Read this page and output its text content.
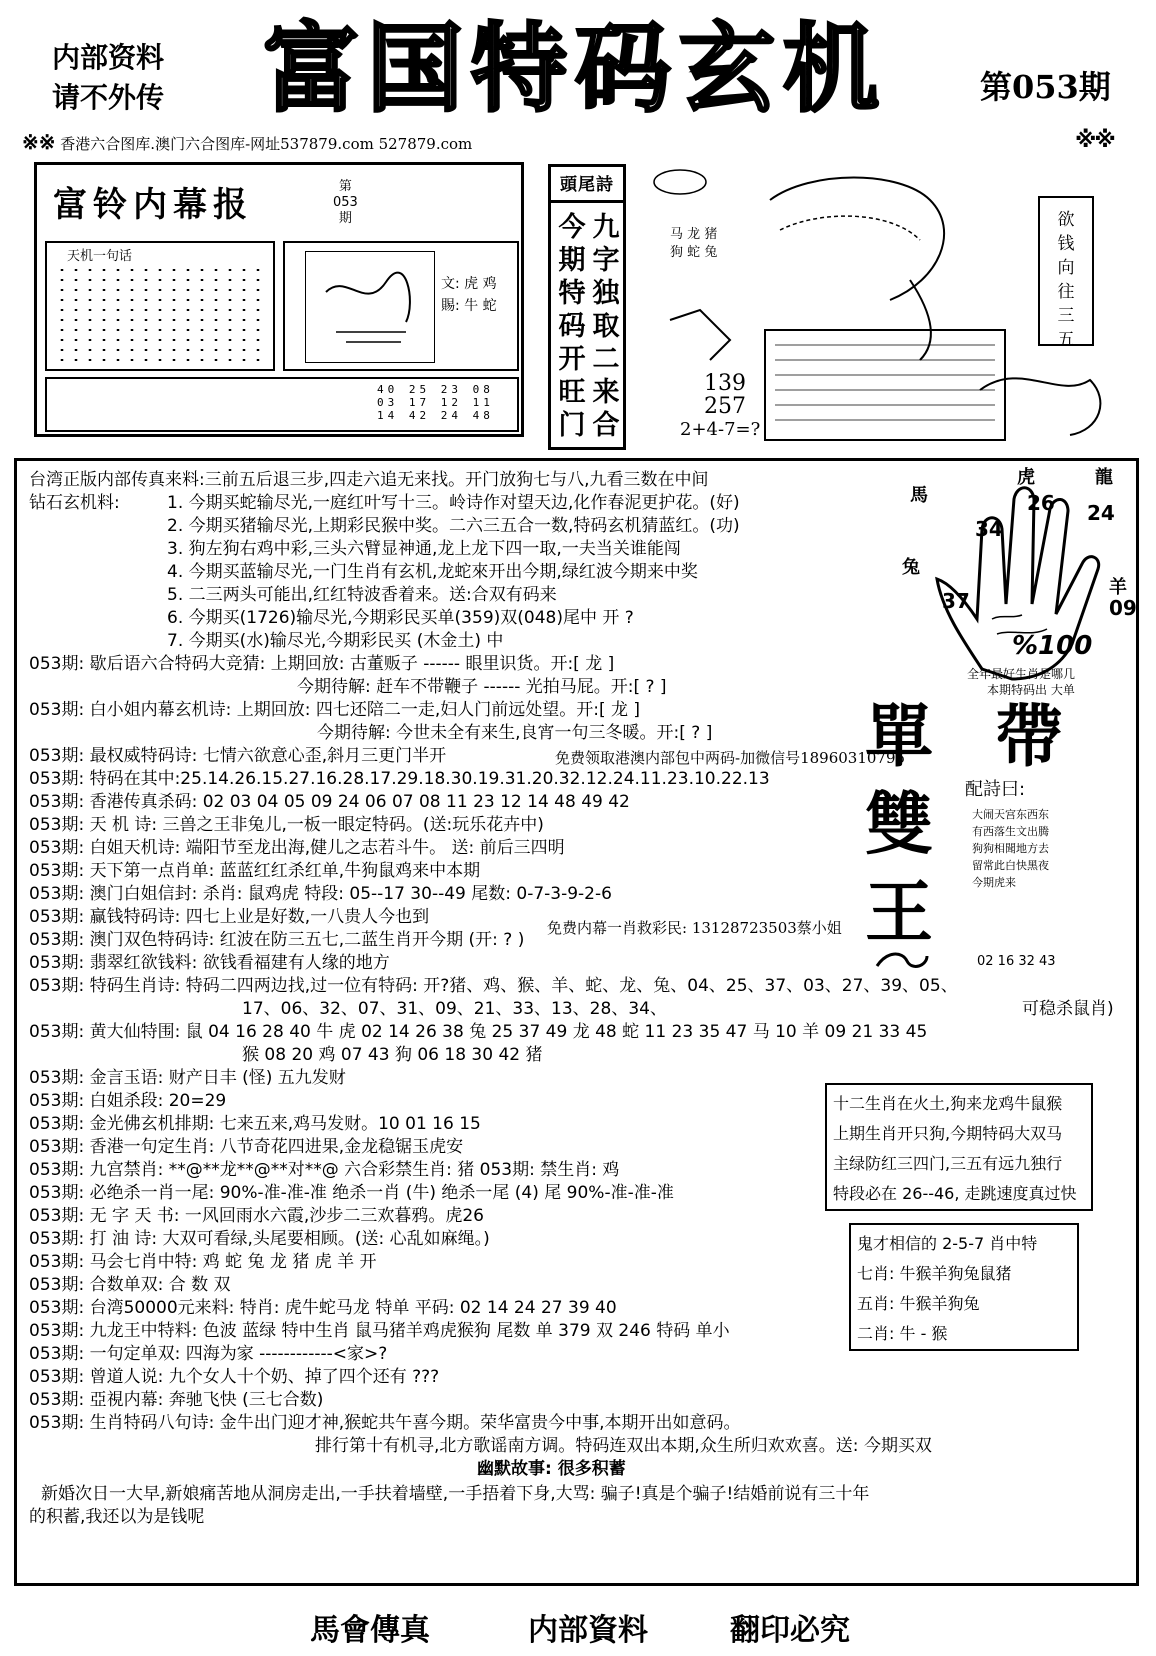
内部资料
请不外传 富国特码玄机	第053期
※※ 香港六合图库.澳门六合图库-网址537879.com 527879.com	※※
富铃内幕报	第
053
期
天机一句话
文: 虎 鸡
賜: 牛 蛇
40 25 23 08
03 17 12 11
14 42 24 48
頭尾詩
九字独取二来合
今期特码开旺门
马 龙 猪
狗 蛇 兔
139
257
2+4-7=?
欲钱向往三五
台湾正版内部传真来料:三前五后退三步,四走六追无来找。开门放狗七与八,九看三数在中间
钻石玄机料:	1. 今期买蛇输尽光,一庭红叶写十三。岭诗作对望天边,化作春泥更护花。(好)
2. 今期买猪输尽光,上期彩民猴中奖。二六三五合一数,特码玄机猜蓝红。(功)
3. 狗左狗右鸡中彩,三头六臂显神通,龙上龙下四一取,一夫当关谁能闯
4. 今期买蓝输尽光,一门生肖有玄机,龙蛇來开出今期,绿红波今期来中奖
5. 二三两头可能出,红红特波香着来。送:合双有码来
6. 今期买(1726)输尽光,今期彩民买单(359)双(048)尾中 开 ?
7. 今期买(水)输尽光,今期彩民买 (木金土) 中
053期: 歇后语六合特码大竞猜: 上期回放: 古董贩子 ------ 眼里识货。开:[ 龙 ]
今期待解: 赶车不带鞭子 ------ 光拍马屁。开:[ ? ]
053期: 白小姐内幕玄机诗: 上期回放: 四七还陪二一走,妇人门前远处望。开:[ 龙 ]
今期待解: 今世未全有来生,良宵一句三冬暖。开:[ ? ]
053期: 最权威特码诗: 七情六欲意心歪,斜月三更门半开	免费领取港澳内部包中两码-加微信号18960310795
053期: 特码在其中:25.14.26.15.27.16.28.17.29.18.30.19.31.20.32.12.24.11.23.10.22.13
053期: 香港传真杀码: 02 03 04 05 09 24 06 07 08 11 23 12 14 48 49 42
053期: 天 机 诗: 三兽之王非兔儿,一板一眼定特码。(送:玩乐花卉中)
053期: 白姐天机诗: 端阳节至龙出海,健儿之志若斗牛。 送: 前后三四明
053期: 天下第一点肖单: 蓝蓝红红杀红单,牛狗鼠鸡来中本期
053期: 澳门白姐信封: 杀肖: 鼠鸡虎 特段: 05--17 30--49 尾数: 0-7-3-9-2-6
053期: 赢钱特码诗: 四七上业是好数,一八贵人今也到
免费内幕一肖救彩民: 13128723503蔡小姐
053期: 澳门双色特码诗: 红波在防三五七,二蓝生肖开今期 (开: ? )
053期: 翡翠红欲钱料: 欲钱看福建有人缘的地方
053期: 特码生肖诗: 特码二四两边找,过一位有特码: 开?猪、鸡、猴、羊、蛇、龙、兔、04、25、37、03、27、39、05、
17、06、32、07、31、09、21、33、13、28、34、	可稳杀鼠肖)
053期: 黄大仙特围: 鼠 04 16 28 40 牛 虎 02 14 26 38 兔 25 37 49 龙 48 蛇 11 23 35 47 马 10 羊 09 21 33 45
猴 08 20 鸡 07 43 狗 06 18 30 42 猪
053期: 金言玉语: 财产日丰 (怪) 五九发财
053期: 白姐杀段: 20=29
053期: 金光佛玄机排期: 七来五来,鸡马发财。10 01 16 15
053期: 香港一句定生肖: 八节奇花四进果,金龙稳锯玉虎安
053期: 九宫禁肖: **@**龙**@**对**@ 六合彩禁生肖: 猪 053期: 禁生肖: 鸡
053期: 必绝杀一肖一尾: 90%-准-准-准 绝杀一肖 (牛) 绝杀一尾 (4) 尾 90%-准-准-准
053期: 无 字 天 书: 一风回雨水六霞,沙步二三欢暮鸦。虎26
053期: 打 油 诗: 大双可看绿,头尾要相顾。(送: 心乱如麻绳。)
053期: 马会七肖中特: 鸡 蛇 兔 龙 猪 虎 羊 开
053期: 合数单双: 合 数 双
053期: 台湾50000元来料: 特肖: 虎牛蛇马龙 特单 平码: 02 14 24 27 39 40
053期: 九龙王中特料: 色波 蓝绿 特中生肖 鼠马猪羊鸡虎猴狗 尾数 单 379 双 246 特码 单小
053期: 一句定单双: 四海为家 ------------<家>?
053期: 曾道人说: 九个女人十个奶、掉了四个还有 ???
053期: 亞視内幕: 奔驰飞快 (三七合数)
053期: 生肖特码八句诗: 金牛出门迎才神,猴蛇共午喜今期。荣华富贵今中事,本期开出如意码。
排行第十有机寻,北方歌谣南方调。特码连双出本期,众生所归欢欢喜。送: 今期买双
幽默故事: 很多积蓄
新婚次日一大早,新娘痛苦地从洞房走出,一手扶着墙壁,一手捂着下身,大骂: 骗子!真是个骗子!结婚前说有三十年
的积蓄,我还以为是钱呢
虎	龍
馬
兔
羊
26 24
34
37	09
%100
全年最好生肖是哪几
本期特码出 大单
單 帶
雙
王
配詩曰:
大闹天宫东西东
有西落生文出腾
狗狗相聞地方去
留常此白快黑夜
今期虎来
02 16 32 43
十二生肖在火土,狗来龙鸡牛鼠猴
上期生肖开只狗,今期特码大双马
主绿防红三四门,三五有远九独行
特段必在 26--46, 走跳速度真过快
鬼才相信的 2-5-7 肖中特
七肖: 牛猴羊狗兔鼠猪
五肖: 牛猴羊狗兔
二肖: 牛 - 猴
馬會傳真	内部資料	翻印必究
